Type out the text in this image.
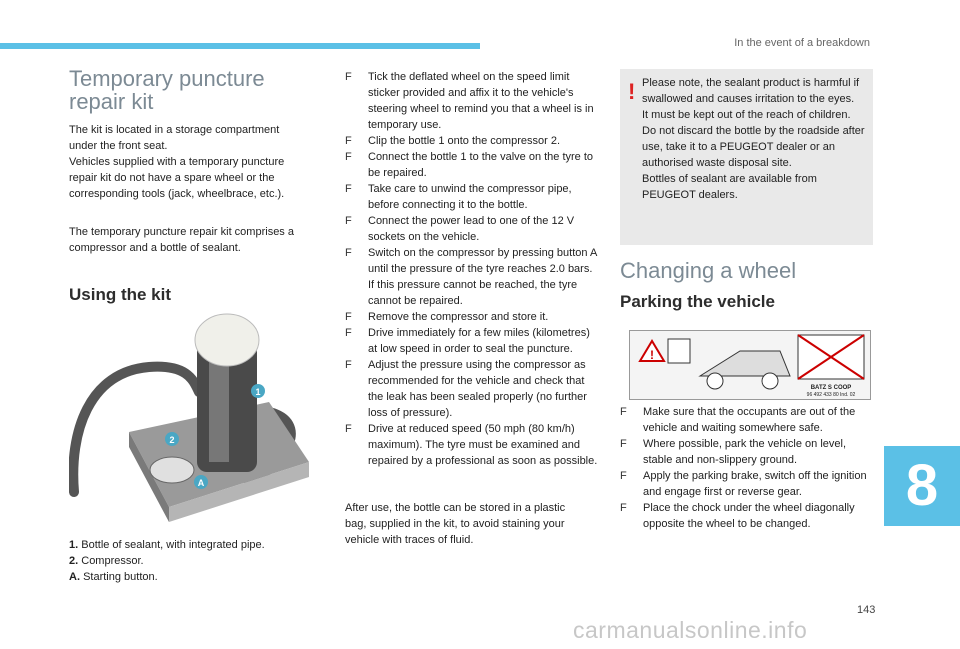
In the event of a breakdown
Temporary puncture
repair kit

The kit is located in a storage compartment
under the front seat.
Vehicles supplied with a temporary puncture
repair kit do not have a spare wheel or the
corresponding tools (jack, wheelbrace, etc.).

The temporary puncture repair kit comprises a
compressor and a bottle of sealant.

Using the kit
1
2
A
1. Bottle of sealant, with integrated pipe.
2. Compressor.
A. Starting button.
F	Tick the deflated wheel on the speed limit sticker provided and affix it to the vehicle's steering wheel to remind you that a wheel is in temporary use.
F	Clip the bottle 1 onto the compressor 2.
F	Connect the bottle 1 to the valve on the tyre to be repaired.
F	Take care to unwind the compressor pipe, before connecting it to the bottle.
F	Connect the power lead to one of the 12 V sockets on the vehicle.
F	Switch on the compressor by pressing button A until the pressure of the tyre reaches 2.0 bars. If this pressure cannot be reached, the tyre cannot be repaired.
F	Remove the compressor and store it.
F	Drive immediately for a few miles (kilometres) at low speed in order to seal the puncture.
F	Adjust the pressure using the compressor as recommended for the vehicle and check that the leak has been sealed properly (no further loss of pressure).
F	Drive at reduced speed (50 mph (80 km/h) maximum). The tyre must be examined and repaired by a professional as soon as possible.

After use, the bottle can be stored in a plastic
bag, supplied in the kit, to avoid staining your
vehicle with traces of fluid.

! Please note, the sealant product is harmful if swallowed and causes irritation to the eyes.

It must be kept out of the reach of children.

Do not discard the bottle by the roadside after use, take it to a PEUGEOT dealer or an authorised waste disposal site.

Bottles of sealant are available from PEUGEOT dealers.

Changing a wheel
Parking the vehicle
!
BATZ S COOP
96 492 433 80 Ind. 02
F	Make sure that the occupants are out of the vehicle and waiting somewhere safe.
F	Where possible, park the vehicle on level, stable and non-slippery ground.
F	Apply the parking brake, switch off the ignition and engage first or reverse gear.
F	Place the chock under the wheel diagonally opposite the wheel to be changed.
8
143
carmanualsonline.info
